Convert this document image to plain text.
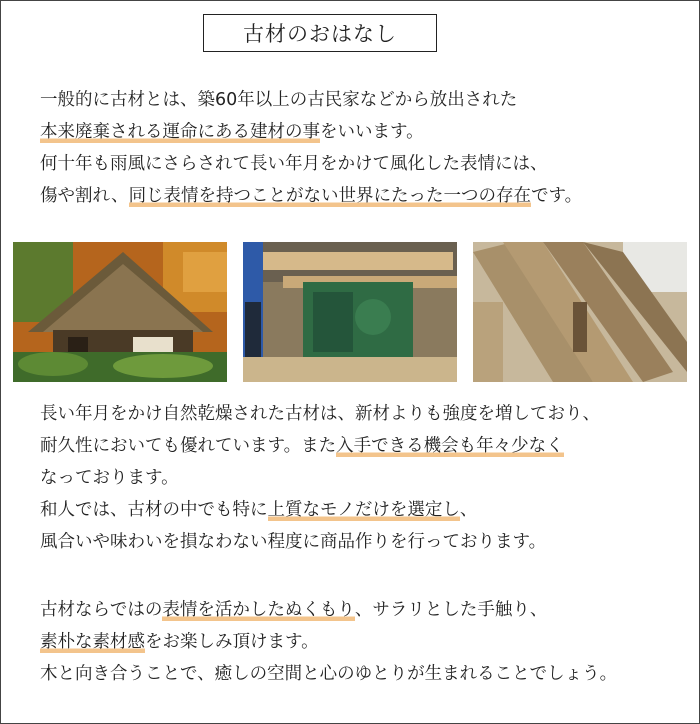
古材のおはなし
一般的に古材とは、築60年以上の古民家などから放出された
本来廃棄される運命にある建材の事をいいます。
何十年も雨風にさらされて長い年月をかけて風化した表情には、
傷や割れ、同じ表情を持つことがない世界にたった一つの存在です。
長い年月をかけ自然乾燥された古材は、新材よりも強度を増しており、
耐久性においても優れています。また入手できる機会も年々少なく
なっております。
和人では、古材の中でも特に上質なモノだけを選定し、
風合いや味わいを損なわない程度に商品作りを行っております。
古材ならではの表情を活かしたぬくもり、サラリとした手触り、
素朴な素材感をお楽しみ頂けます。
木と向き合うことで、癒しの空間と心のゆとりが生まれることでしょう。
